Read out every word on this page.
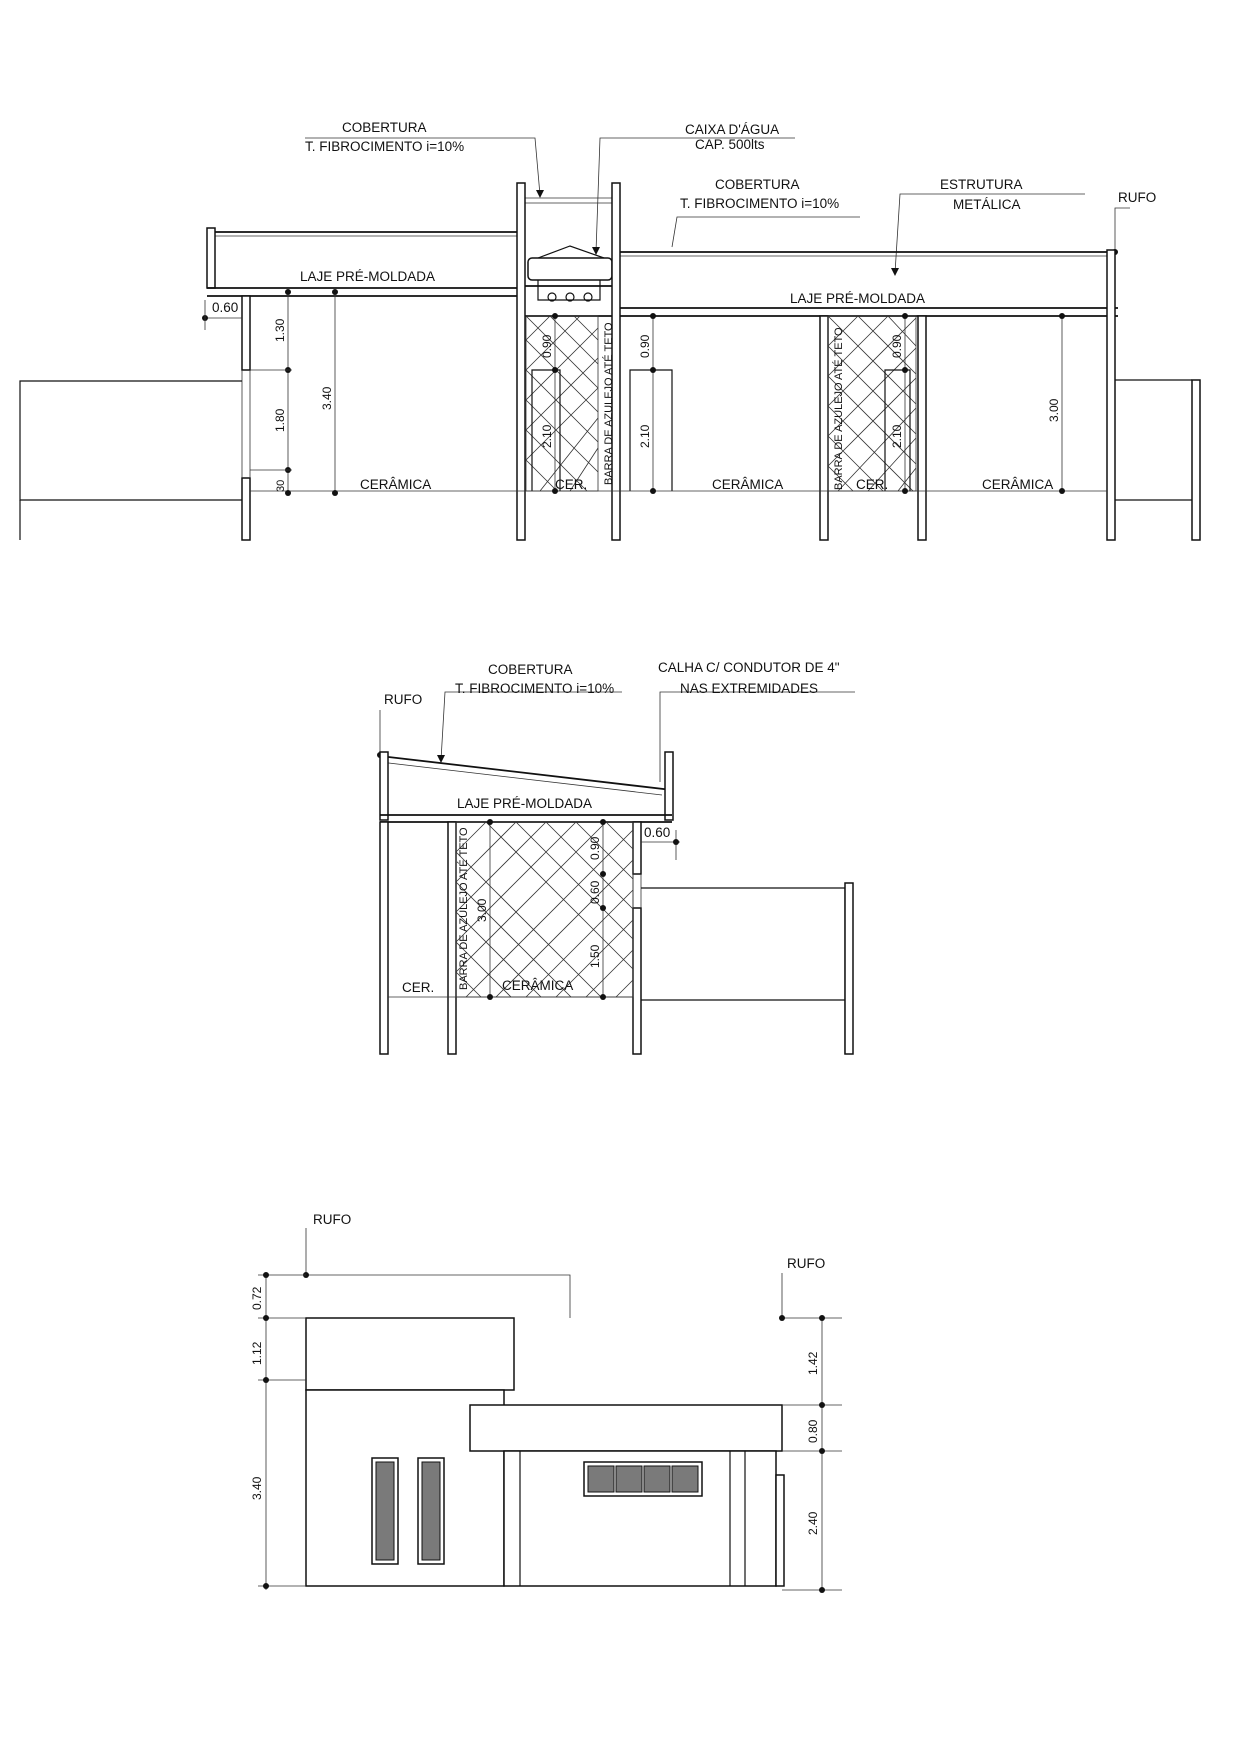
COBERTURA
T. FIBROCIMENTO i=10%
CAIXA D'ÁGUA
CAP. 500lts
COBERTURA
T. FIBROCIMENTO i=10%
ESTRUTURA
METÁLICA	RUFO
LAJE PRÉ-MOLDADA
LAJE PRÉ-MOLDADA
0.60
1.30
1.80
30
3.40
0.90
2.10	BARRA DE AZULEJO ATÉ TETO 0.90
2.10	BARRA DE AZULEJO ATÉ TETO	0.90
2.10
3.00
CERÂMICA	CER.	CERÂMICA	CER.	CERÂMICA
RUFO
COBERTURA
T. FIBROCIMENTO i=10%
CALHA C/ CONDUTOR DE 4"
NAS EXTREMIDADES
LAJE PRÉ-MOLDADA
0.60
BARRA DE AZULEJO ATÉ TETO 3.00
0.90
0.60
1.50
CER.	CERÂMICA
RUFO
RUFO
0.72
1.12
3.40
1.42
0.80
2.40
